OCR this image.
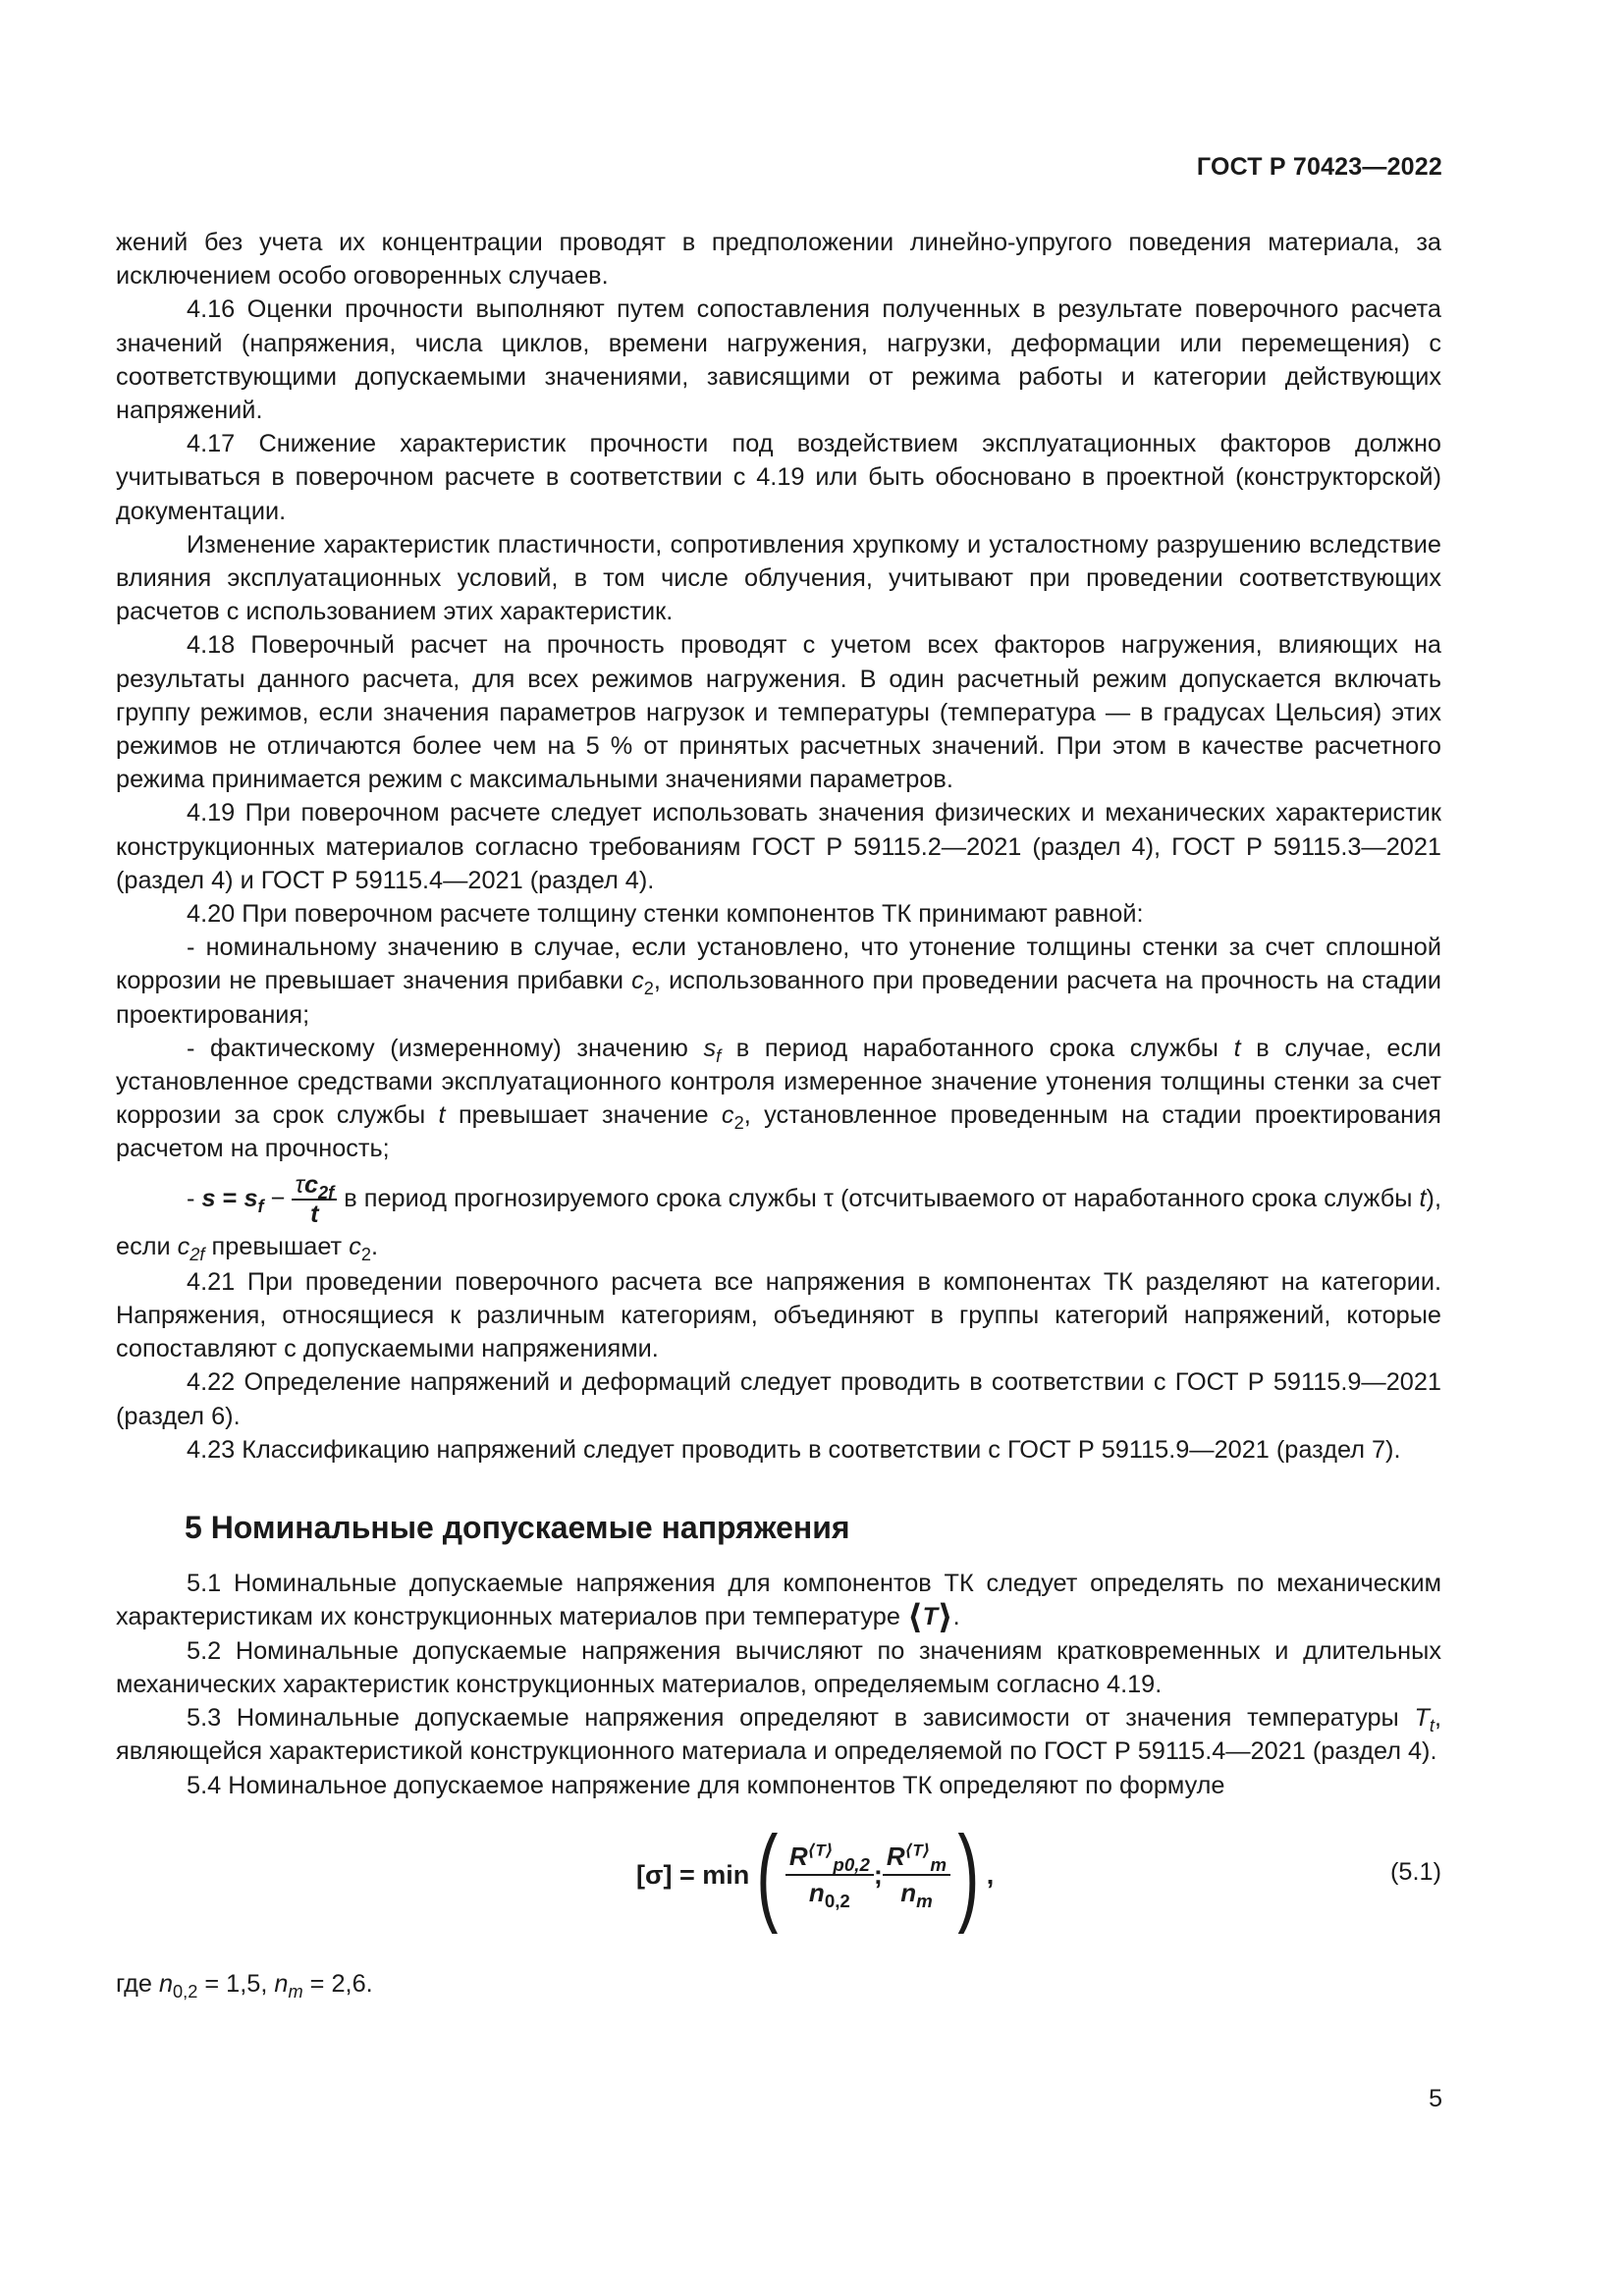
ГОСТ Р 70423—2022

жений без учета их концентрации проводят в предположении линейно-упругого поведения материала, за исключением особо оговоренных случаев.

4.16 Оценки прочности выполняют путем сопоставления полученных в результате поверочного расчета значений (напряжения, числа циклов, времени нагружения, нагрузки, деформации или перемещения) с соответствующими допускаемыми значениями, зависящими от режима работы и категории действующих напряжений.

4.17 Снижение характеристик прочности под воздействием эксплуатационных факторов должно учитываться в поверочном расчете в соответствии с 4.19 или быть обосновано в проектной (конструкторской) документации.

Изменение характеристик пластичности, сопротивления хрупкому и усталостному разрушению вследствие влияния эксплуатационных условий, в том числе облучения, учитывают при проведении соответствующих расчетов с использованием этих характеристик.

4.18 Поверочный расчет на прочность проводят с учетом всех факторов нагружения, влияющих на результаты данного расчета, для всех режимов нагружения. В один расчетный режим допускается включать группу режимов, если значения параметров нагрузок и температуры (температура — в градусах Цельсия) этих режимов не отличаются более чем на 5 % от принятых расчетных значений. При этом в качестве расчетного режима принимается режим с максимальными значениями параметров.

4.19 При поверочном расчете следует использовать значения физических и механических характеристик конструкционных материалов согласно требованиям ГОСТ Р 59115.2—2021 (раздел 4), ГОСТ Р 59115.3—2021 (раздел 4) и ГОСТ Р 59115.4—2021 (раздел 4).

4.20 При поверочном расчете толщину стенки компонентов ТК принимают равной:

- номинальному значению в случае, если установлено, что утонение толщины стенки за счет сплошной коррозии не превышает значения прибавки $c_2$, использованного при проведении расчета на прочность на стадии проектирования;

- фактическому (измеренному) значению $s_f$ в период наработанного срока службы t в случае, если установленное средствами эксплуатационного контроля измеренное значение утонения толщины стенки за счет коррозии за срок службы t превышает значение $c_2$, установленное проведенным на стадии проектирования расчетом на прочность;

- $s = s_f - \frac{\tau c_{2f}}{t}$ в период прогнозируемого срока службы τ (отсчитываемого от наработанного срока службы t), если $c_{2f}$ превышает $c_2$.

4.21 При проведении поверочного расчета все напряжения в компонентах ТК разделяют на категории. Напряжения, относящиеся к различным категориям, объединяют в группы категорий напряжений, которые сопоставляют с допускаемыми напряжениями.

4.22 Определение напряжений и деформаций следует проводить в соответствии с ГОСТ Р 59115.9—2021 (раздел 6).

4.23 Классификацию напряжений следует проводить в соответствии с ГОСТ Р 59115.9—2021 (раздел 7).

5 Номинальные допускаемые напряжения

5.1 Номинальные допускаемые напряжения для компонентов ТК следует определять по механическим характеристикам их конструкционных материалов при температуре ⟨T⟩.

5.2 Номинальные допускаемые напряжения вычисляют по значениям кратковременных и длительных механических характеристик конструкционных материалов, определяемым согласно 4.19.

5.3 Номинальные допускаемые напряжения определяют в зависимости от значения температуры $T_t$, являющейся характеристикой конструкционного материала и определяемой по ГОСТ Р 59115.4—2021 (раздел 4).

5.4 Номинальное допускаемое напряжение для компонентов ТК определяют по формуле

[σ] = min ( $\frac{R^{⟨T⟩}_{p0,2}}{n_{0,2}}$ ; $\frac{R^{⟨T⟩}_m}{n_m}$ ) ,	(5.1)

где $n_{0,2} = 1,5$, $n_m = 2,6$.

5
